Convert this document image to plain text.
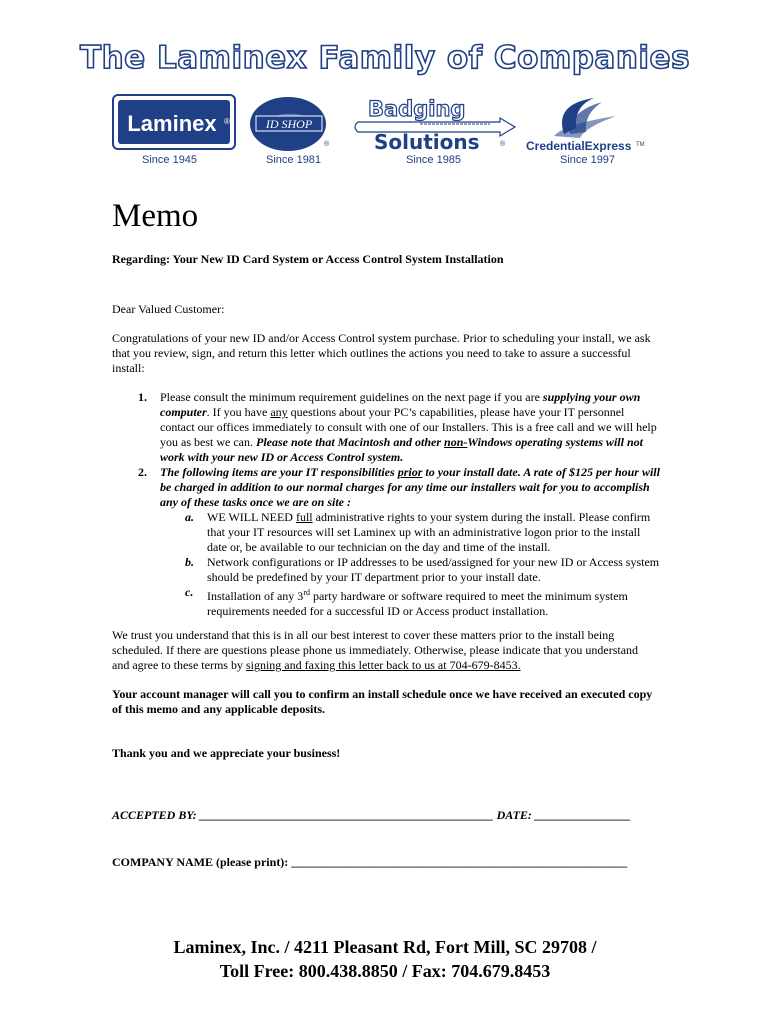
The Laminex Family of Companies
Laminex ®
Since 1945
ID SHOP
®
Since 1981
Badging
Solutions	®
Since 1985
CredentialExpress TM
Since 1997
Memo
Regarding: Your New ID Card System or Access Control System Installation
Dear Valued Customer:
Congratulations of your new ID and/or Access Control system purchase. Prior to scheduling your install, we ask that you review, sign, and return this letter which outlines the actions you need to take to assure a successful install:
1. Please consult the minimum requirement guidelines on the next page if you are supplying your own computer. If you have any questions about your PC’s capabilities, please have your IT personnel contact our offices immediately to consult with one of our Installers. This is a free call and we will help you as best we can. Please note that Macintosh and other non-Windows operating systems will not work with your new ID or Access Control system.
2. The following items are your IT responsibilities prior to your install date. A rate of $125 per hour will be charged in addition to our normal charges for any time our installers wait for you to accomplish any of these tasks once we are on site :
a. WE WILL NEED full administrative rights to your system during the install. Please confirm that your IT resources will set Laminex up with an administrative logon prior to the install date or, be available to our technician on the day and time of the install.
b. Network configurations or IP addresses to be used/assigned for your new ID or Access system should be predefined by your IT department prior to your install date.
c. Installation of any 3rd party hardware or software required to meet the minimum system requirements needed for a successful ID or Access product installation.
We trust you understand that this is in all our best interest to cover these matters prior to the install being scheduled. If there are questions please phone us immediately. Otherwise, please indicate that you understand and agree to these terms by signing and faxing this letter back to us at 704-679-8453.
Your account manager will call you to confirm an install schedule once we have received an executed copy of this memo and any applicable deposits.
Thank you and we appreciate your business!
ACCEPTED BY: _________________________________________________ DATE: ________________
COMPANY NAME (please print): ________________________________________________________
Laminex, Inc. / 4211 Pleasant Rd, Fort Mill, SC 29708 /
Toll Free: 800.438.8850 / Fax: 704.679.8453
